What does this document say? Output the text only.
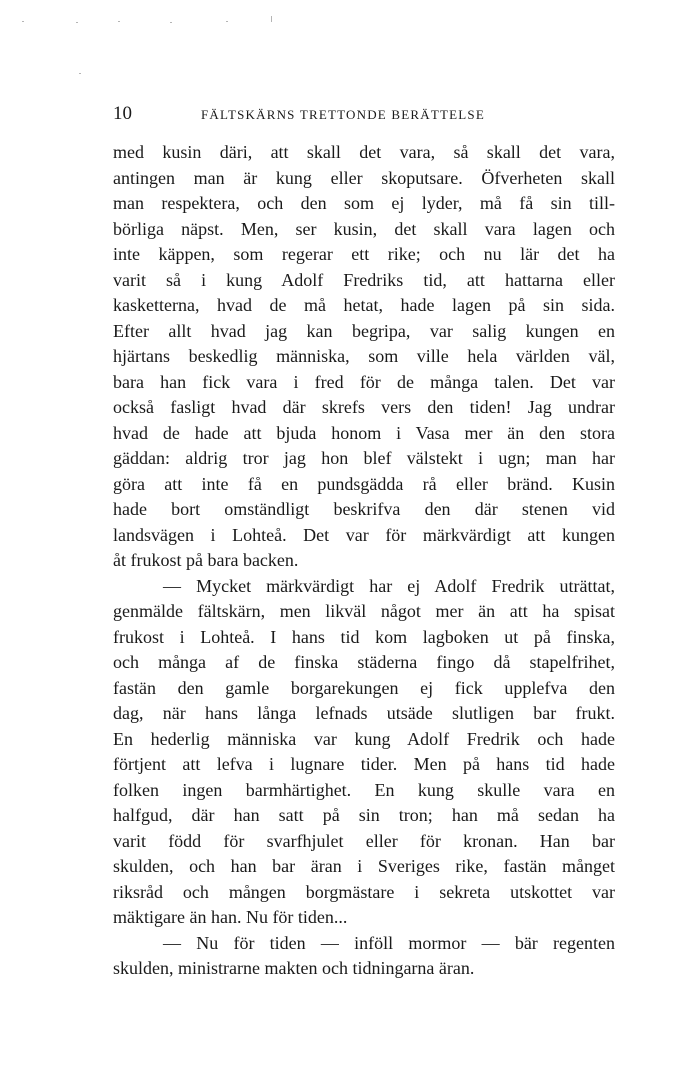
10	FÄLTSKÄRNS TRETTONDE BERÄTTELSE
med kusin däri, att skall det vara, så skall det vara,
antingen man är kung eller skoputsare. Öfverheten skall
man respektera, och den som ej lyder, må få sin till-
börliga näpst. Men, ser kusin, det skall vara lagen och
inte käppen, som regerar ett rike; och nu lär det ha
varit så i kung Adolf Fredriks tid, att hattarna eller
kasketterna, hvad de må hetat, hade lagen på sin sida.
Efter allt hvad jag kan begripa, var salig kungen en
hjärtans beskedlig människa, som ville hela världen väl,
bara han fick vara i fred för de många talen. Det var
också fasligt hvad där skrefs vers den tiden! Jag undrar
hvad de hade att bjuda honom i Vasa mer än den stora
gäddan: aldrig tror jag hon blef välstekt i ugn; man har
göra att inte få en pundsgädda rå eller bränd. Kusin
hade bort omständligt beskrifva den där stenen vid
landsvägen i Lohteå. Det var för märkvärdigt att kungen
åt frukost på bara backen.
— Mycket märkvärdigt har ej Adolf Fredrik uträttat,
genmälde fältskärn, men likväl något mer än att ha spisat
frukost i Lohteå. I hans tid kom lagboken ut på finska,
och många af de finska städerna fingo då stapelfrihet,
fastän den gamle borgarekungen ej fick upplefva den
dag, när hans långa lefnads utsäde slutligen bar frukt.
En hederlig människa var kung Adolf Fredrik och hade
förtjent att lefva i lugnare tider. Men på hans tid hade
folken ingen barmhärtighet. En kung skulle vara en
halfgud, där han satt på sin tron; han må sedan ha
varit född för svarfhjulet eller för kronan. Han bar
skulden, och han bar äran i Sveriges rike, fastän månget
riksråd och mången borgmästare i sekreta utskottet var
mäktigare än han. Nu för tiden...
— Nu för tiden — inföll mormor — bär regenten
skulden, ministrarne makten och tidningarna äran.
